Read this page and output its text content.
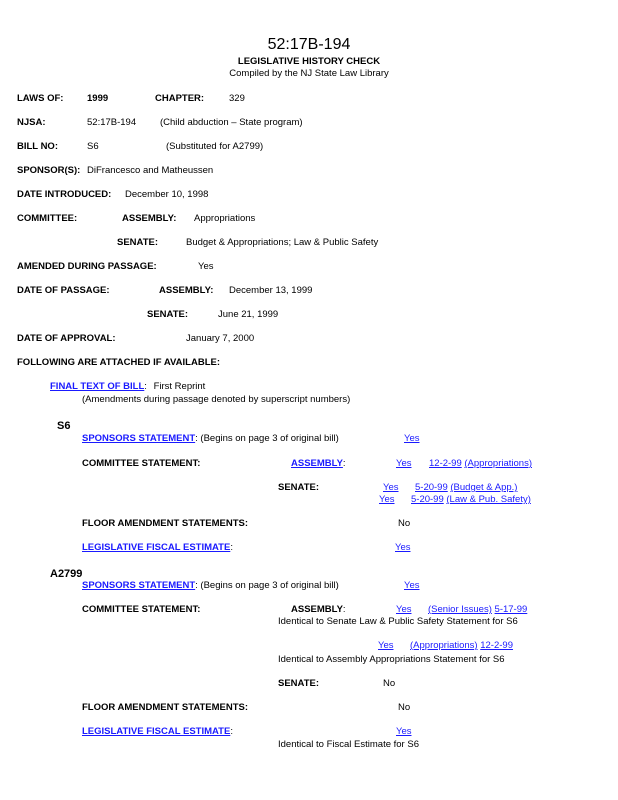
52:17B-194
LEGISLATIVE HISTORY CHECK
Compiled by the NJ State Law Library
LAWS OF: 1999	CHAPTER:	329
NJSA:	52:17B-194	(Child abduction – State program)
BILL NO:	S6	(Substituted for A2799)
SPONSOR(S): DiFrancesco and Matheussen
DATE INTRODUCED: December 10, 1998
COMMITTEE:	ASSEMBLY: Appropriations
SENATE:	Budget & Appropriations; Law & Public Safety
AMENDED DURING PASSAGE:	Yes
DATE OF PASSAGE:	ASSEMBLY: December 13, 1999
SENATE:	June 21, 1999
DATE OF APPROVAL:	January 7, 2000
FOLLOWING ARE ATTACHED IF AVAILABLE:
FINAL TEXT OF BILL: First Reprint
(Amendments during passage denoted by superscript numbers)
S6
SPONSORS STATEMENT: (Begins on page 3 of original bill)	Yes
COMMITTEE STATEMENT:	ASSEMBLY:	Yes 12-2-99 (Appropriations)
SENATE:	Yes 5-20-99 (Budget & App.)
Yes 5-20-99 (Law & Pub. Safety)
FLOOR AMENDMENT STATEMENTS:	No
LEGISLATIVE FISCAL ESTIMATE:	Yes
A2799
SPONSORS STATEMENT: (Begins on page 3 of original bill)	Yes
COMMITTEE STATEMENT:	ASSEMBLY:	Yes (Senior Issues) 5-17-99
Identical to Senate Law & Public Safety Statement for S6
Yes (Appropriations) 12-2-99
Identical to Assembly Appropriations Statement for S6
SENATE:	No
FLOOR AMENDMENT STATEMENTS:	No
LEGISLATIVE FISCAL ESTIMATE:	Yes
Identical to Fiscal Estimate for S6
